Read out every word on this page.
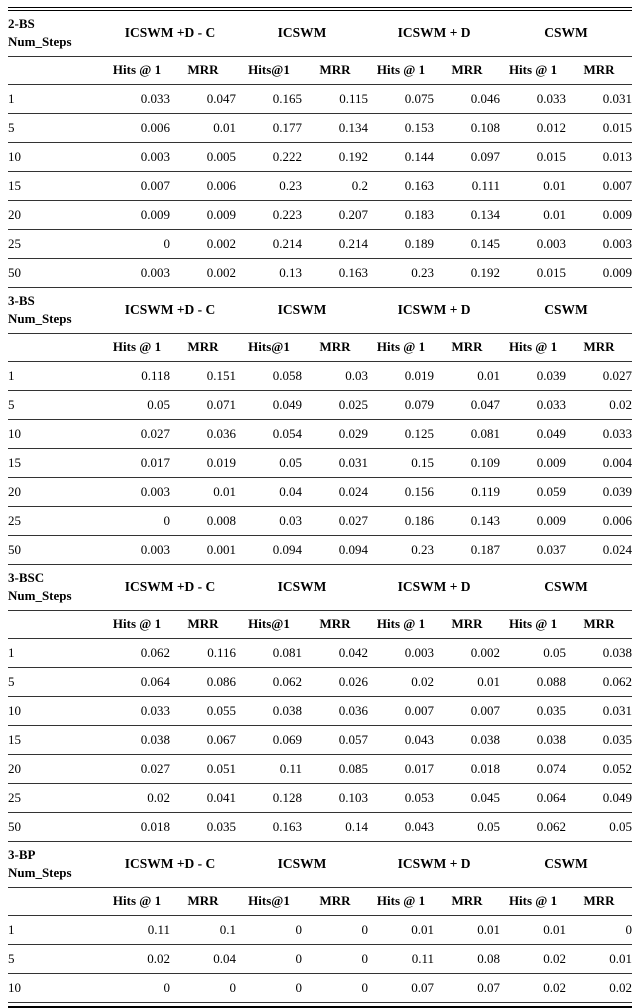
2-BS
Num_Steps	ICSWM +D - C		ICSWM		ICSWM + D		CSWM	
	Hits @ 1	MRR	Hits@1	MRR	Hits @ 1	MRR	Hits @ 1	MRR
1	0.033	0.047	0.165	0.115	0.075	0.046	0.033	0.031
5	0.006	0.01	0.177	0.134	0.153	0.108	0.012	0.015
10	0.003	0.005	0.222	0.192	0.144	0.097	0.015	0.013
15	0.007	0.006	0.23	0.2	0.163	0.111	0.01	0.007
20	0.009	0.009	0.223	0.207	0.183	0.134	0.01	0.009
25	0	0.002	0.214	0.214	0.189	0.145	0.003	0.003
50	0.003	0.002	0.13	0.163	0.23	0.192	0.015	0.009
3-BS
Num_Steps	ICSWM +D - C		ICSWM		ICSWM + D		CSWM	
	Hits @ 1	MRR	Hits@1	MRR	Hits @ 1	MRR	Hits @ 1	MRR
1	0.118	0.151	0.058	0.03	0.019	0.01	0.039	0.027
5	0.05	0.071	0.049	0.025	0.079	0.047	0.033	0.02
10	0.027	0.036	0.054	0.029	0.125	0.081	0.049	0.033
15	0.017	0.019	0.05	0.031	0.15	0.109	0.009	0.004
20	0.003	0.01	0.04	0.024	0.156	0.119	0.059	0.039
25	0	0.008	0.03	0.027	0.186	0.143	0.009	0.006
50	0.003	0.001	0.094	0.094	0.23	0.187	0.037	0.024
3-BSC
Num_Steps	ICSWM +D - C		ICSWM		ICSWM + D		CSWM	
	Hits @ 1	MRR	Hits@1	MRR	Hits @ 1	MRR	Hits @ 1	MRR
1	0.062	0.116	0.081	0.042	0.003	0.002	0.05	0.038
5	0.064	0.086	0.062	0.026	0.02	0.01	0.088	0.062
10	0.033	0.055	0.038	0.036	0.007	0.007	0.035	0.031
15	0.038	0.067	0.069	0.057	0.043	0.038	0.038	0.035
20	0.027	0.051	0.11	0.085	0.017	0.018	0.074	0.052
25	0.02	0.041	0.128	0.103	0.053	0.045	0.064	0.049
50	0.018	0.035	0.163	0.14	0.043	0.05	0.062	0.05
3-BP
Num_Steps	ICSWM +D - C		ICSWM		ICSWM + D		CSWM	
	Hits @ 1	MRR	Hits@1	MRR	Hits @ 1	MRR	Hits @ 1	MRR
1	0.11	0.1	0	0	0.01	0.01	0.01	0
5	0.02	0.04	0	0	0.11	0.08	0.02	0.01
10	0	0	0	0	0.07	0.07	0.02	0.02
